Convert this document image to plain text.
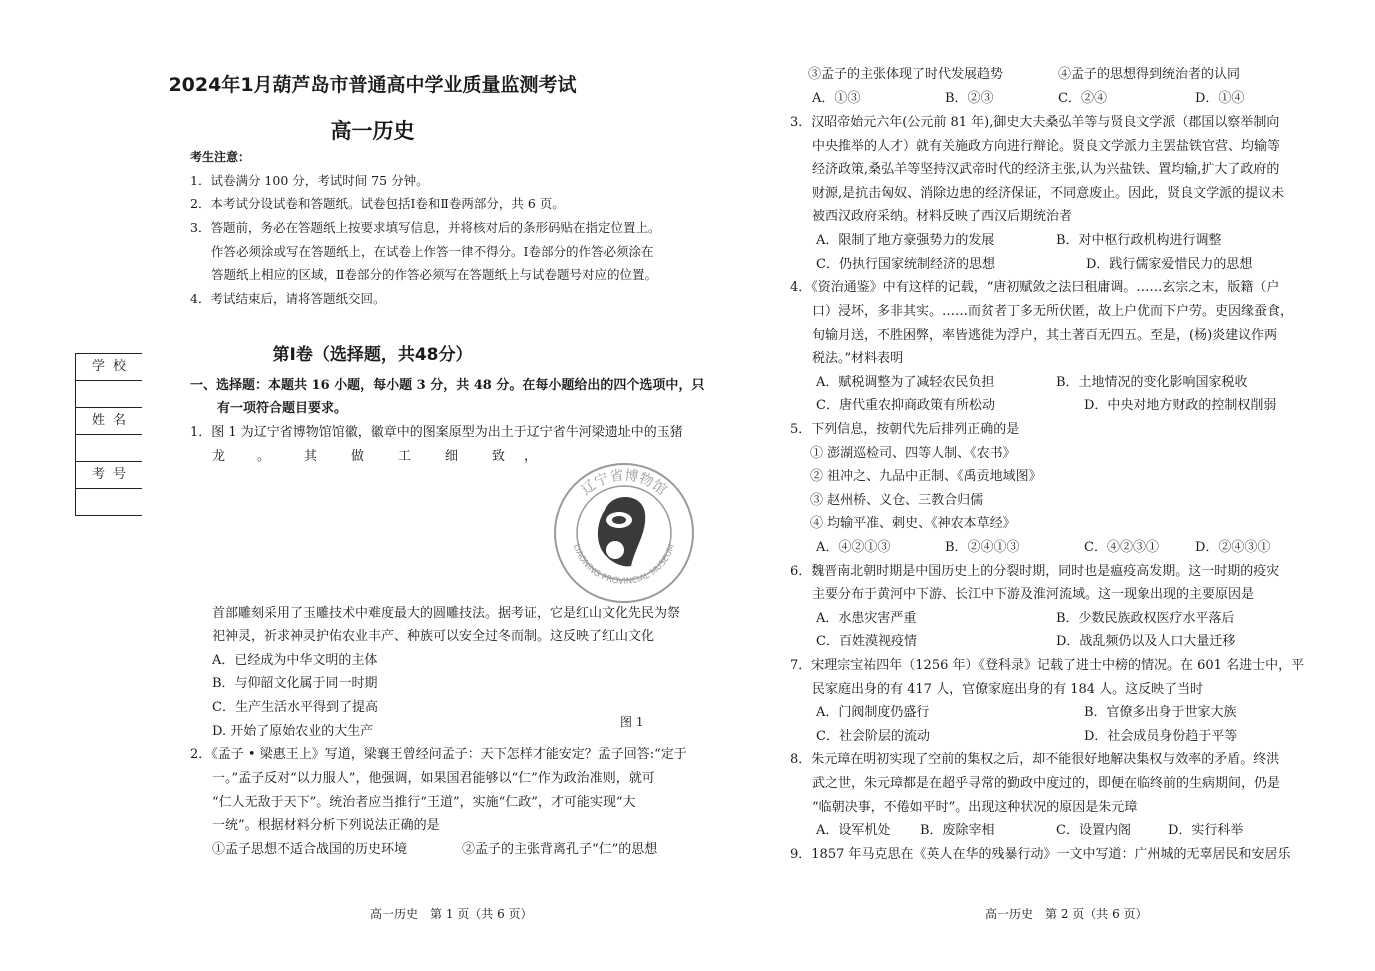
2024年1月葫芦岛市普通高中学业质量监测考试
高一历史
考生注意：
1．试卷满分 100 分，考试时间 75 分钟。
2．本考试分设试卷和答题纸。试卷包括Ⅰ卷和Ⅱ卷两部分，共 6 页。
3．答题前，务必在答题纸上按要求填写信息，并将核对后的条形码贴在指定位置上。
作答必须涂或写在答题纸上，在试卷上作答一律不得分。Ⅰ卷部分的作答必须涂在
答题纸上相应的区域，Ⅱ卷部分的作答必须写在答题纸上与试卷题号对应的位置。
4．考试结束后，请将答题纸交回。
第Ⅰ卷（选择题，共48分）
学校
姓名
考号
一、选择题：本题共 16 小题，每小题 3 分，共 48 分。在每小题给出的四个选项中，只
有一项符合题目要求。
1．图 1 为辽宁省博物馆馆徽，徽章中的图案原型为出土于辽宁省牛河梁遗址中的玉猪
龙 。	其	做	工	细	致 ，
辽宁省博物馆
LIAONING PROVINCIAL MUSEUM
首部雕刻采用了玉雕技术中难度最大的圆雕技法。据考证，它是红山文化先民为祭
祀神灵，祈求神灵护佑农业丰产、种族可以安全过冬而制。这反映了红山文化
A．已经成为中华文明的主体
B．与仰韶文化属于同一时期
C．生产生活水平得到了提高
D. 开始了原始农业的大生产
图 1
2．《孟子 • 梁惠王上》写道，梁襄王曾经问孟子：天下怎样才能安定？孟子回答:“定于
一。”孟子反对“以力服人”，他强调，如果国君能够以“仁”作为政治准则，就可
“仁人无敌于天下”。统治者应当推行“王道”，实施“仁政”，才可能实现“大
一统”。根据材料分析下列说法正确的是
①孟子思想不适合战国的历史环境	②孟子的主张背离孔子“仁”的思想
高一历史　第 1 页（共 6 页）
③孟子的主张体现了时代发展趋势	④孟子的思想得到统治者的认同
A．①③	B．②③	C．②④	D．①④
3．汉昭帝始元六年(公元前 81 年),御史大夫桑弘羊等与贤良文学派（郡国以察举制向
中央推举的人才）就有关施政方向进行辩论。贤良文学派力主罢盐铁官营、均输等
经济政策,桑弘羊等坚持汉武帝时代的经济主张,认为兴盐铁、置均输,扩大了政府的
财源,是抗击匈奴、消除边患的经济保证，不同意废止。因此，贤良文学派的提议未
被西汉政府采纳。材料反映了西汉后期统治者
A．限制了地方豪强势力的发展	B．对中枢行政机构进行调整
C．仍执行国家统制经济的思想	D．践行儒家爱惜民力的思想
4．《资治通鉴》中有这样的记载，“唐初赋敛之法曰租庸调。……玄宗之末，版籍（户
口）浸坏，多非其实。……而贫者丁多无所伏匿，故上户优而下户劳。吏因缘蚕食，
旬输月送，不胜困弊，率皆逃徙为浮户，其土著百无四五。至是，(杨)炎建议作两
税法。”材料表明
A．赋税调整为了减轻农民负担	B．土地情况的变化影响国家税收
C．唐代重农抑商政策有所松动	D．中央对地方财政的控制权削弱
5．下列信息，按朝代先后排列正确的是
① 澎湖巡检司、四等人制、《农书》
② 祖冲之、九品中正制、《禹贡地域图》
③ 赵州桥、义仓、三教合归儒
④ 均输平准、剌史、《神农本草经》
A．④②①③	B．②④①③	C．④②③①	D．②④③①
6．魏晋南北朝时期是中国历史上的分裂时期，同时也是瘟疫高发期。这一时期的疫灾
主要分布于黄河中下游、长江中下游及淮河流域。这一现象出现的主要原因是
A．水患灾害严重	B．少数民族政权医疗水平落后
C．百姓漠视疫情	D．战乱频仍以及人口大量迁移
7．宋理宗宝祐四年（1256 年）《登科录》记载了进士中榜的情况。在 601 名进士中，平
民家庭出身的有 417 人，官僚家庭出身的有 184 人。这反映了当时
A．门阀制度仍盛行	B．官僚多出身于世家大族
C．社会阶层的流动	D．社会成员身份趋于平等
8．朱元璋在明初实现了空前的集权之后，却不能很好地解决集权与效率的矛盾。终洪
武之世，朱元璋都是在超乎寻常的勤政中度过的，即便在临终前的生病期间，仍是
“临朝决事，不倦如平时”。出现这种状况的原因是朱元璋
A．设军机处 B．废除宰相	C．设置内阁	D．实行科举
9．1857 年马克思在《英人在华的残暴行动》一文中写道：广州城的无辜居民和安居乐
高一历史　第 2 页（共 6 页）
